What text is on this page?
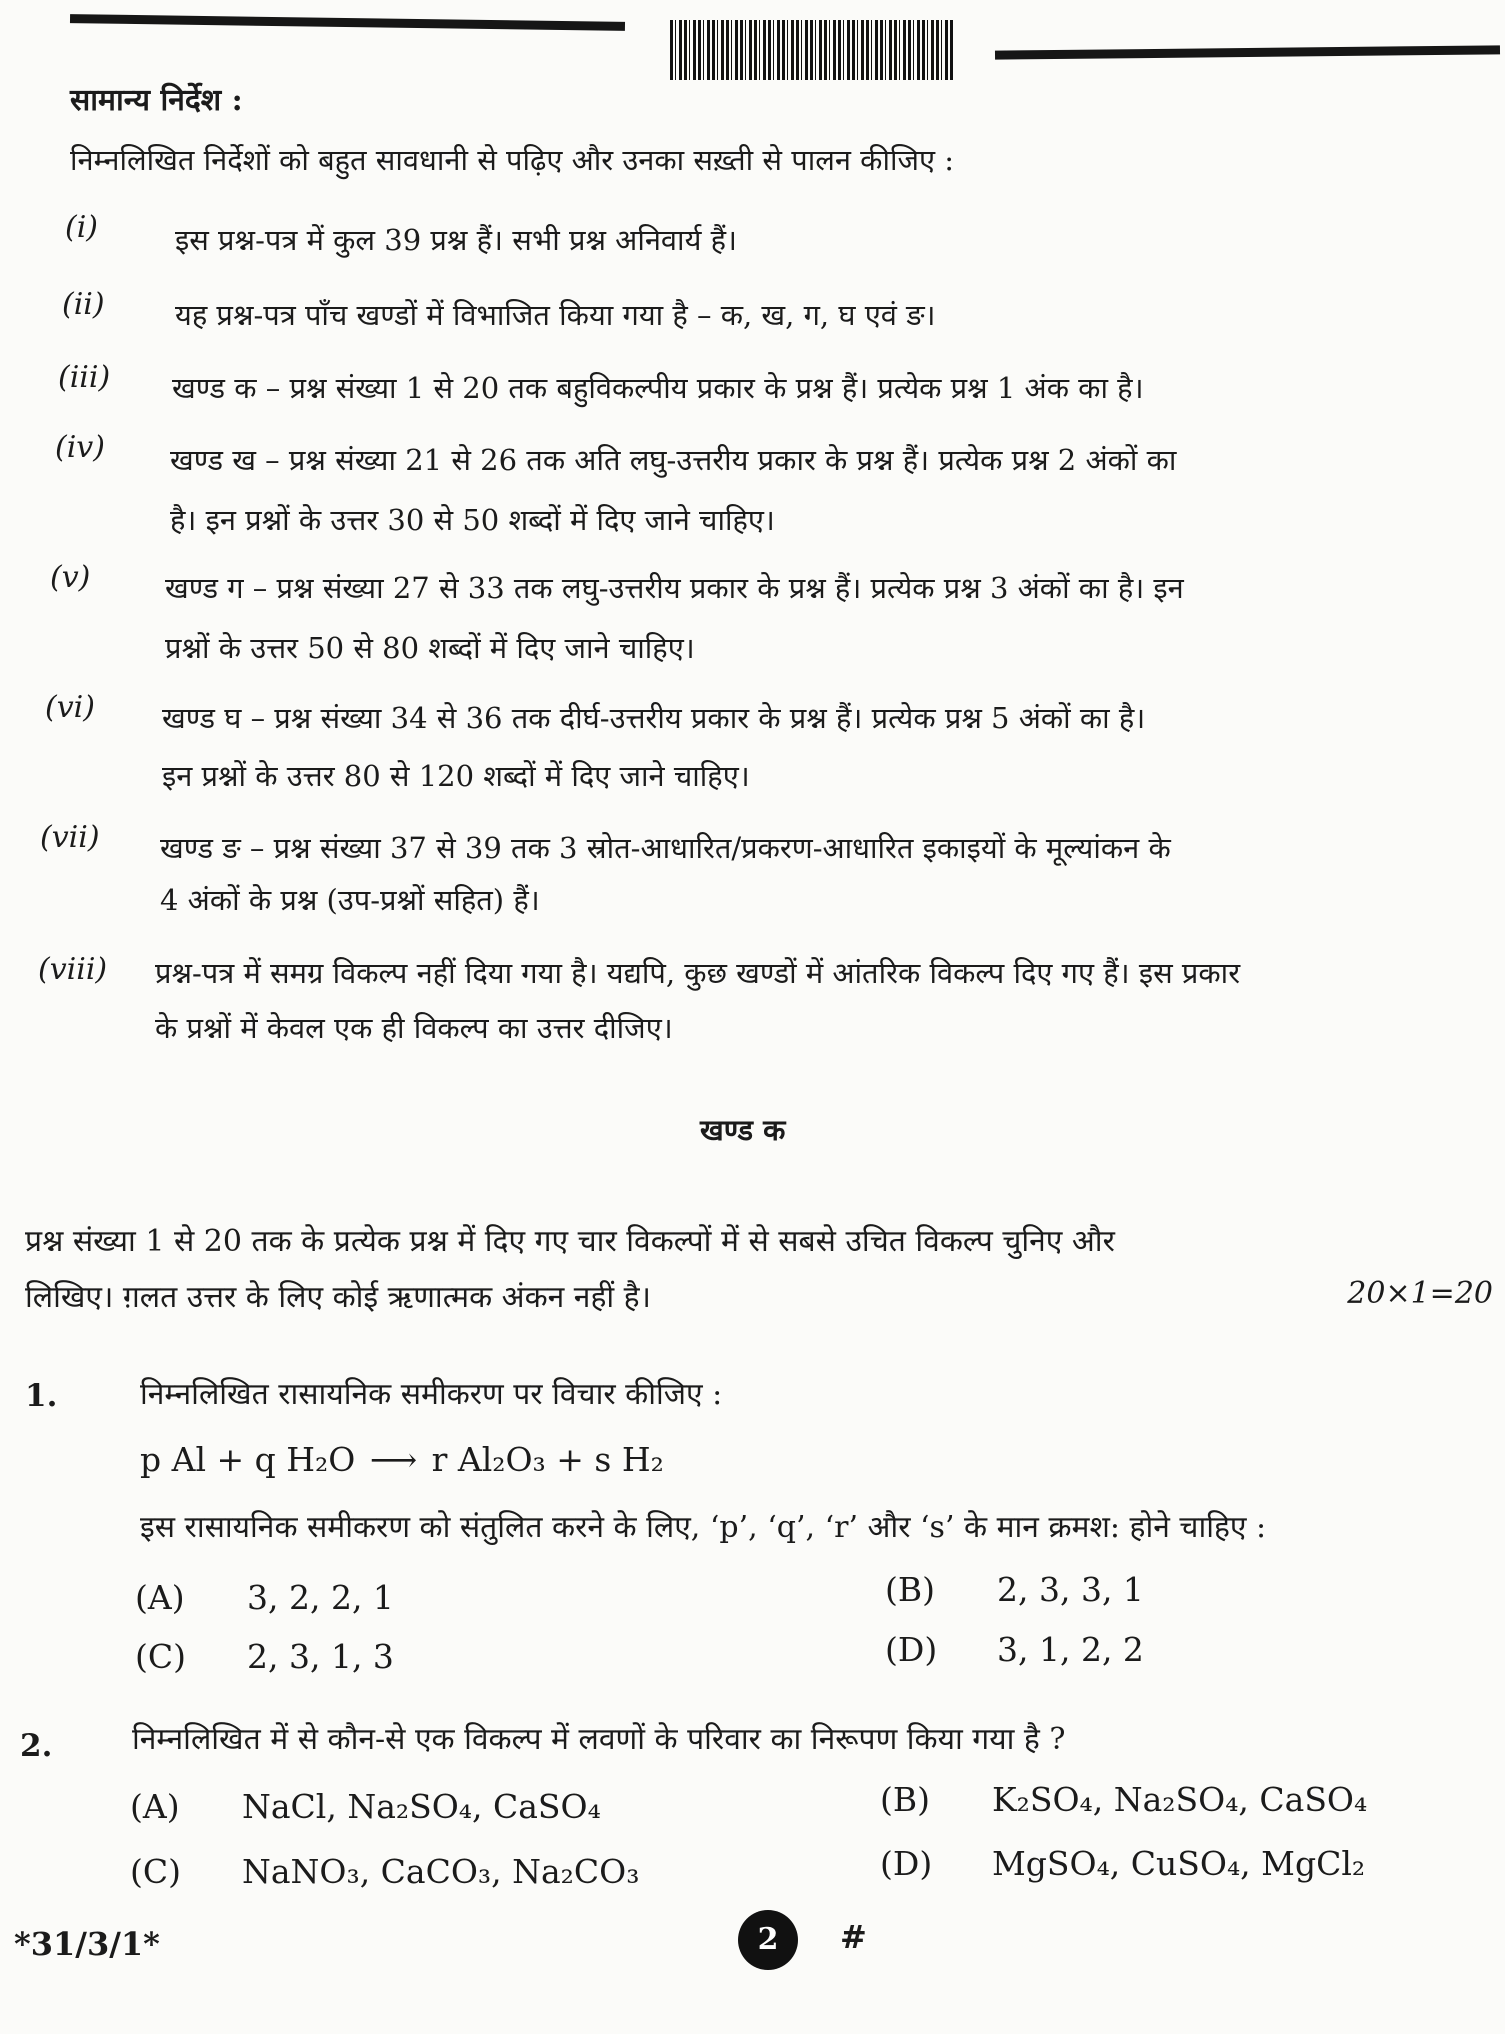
सामान्य निर्देश :
निम्नलिखित निर्देशों को बहुत सावधानी से पढ़िए और उनका सख़्ती से पालन कीजिए :
(i)	इस प्रश्न-पत्र में कुल 39 प्रश्न हैं। सभी प्रश्न अनिवार्य हैं।
(ii) यह प्रश्न-पत्र पाँच खण्डों में विभाजित किया गया है – क, ख, ग, घ एवं ङ।
(iii) खण्ड क – प्रश्न संख्या 1 से 20 तक बहुविकल्पीय प्रकार के प्रश्न हैं। प्रत्येक प्रश्न 1 अंक का है।
(iv) खण्ड ख – प्रश्न संख्या 21 से 26 तक अति लघु-उत्तरीय प्रकार के प्रश्न हैं। प्रत्येक प्रश्न 2 अंकों का
है। इन प्रश्नों के उत्तर 30 से 50 शब्दों में दिए जाने चाहिए।
(v)	खण्ड ग – प्रश्न संख्या 27 से 33 तक लघु-उत्तरीय प्रकार के प्रश्न हैं। प्रत्येक प्रश्न 3 अंकों का है। इन
प्रश्नों के उत्तर 50 से 80 शब्दों में दिए जाने चाहिए।
(vi) खण्ड घ – प्रश्न संख्या 34 से 36 तक दीर्घ-उत्तरीय प्रकार के प्रश्न हैं। प्रत्येक प्रश्न 5 अंकों का है।
इन प्रश्नों के उत्तर 80 से 120 शब्दों में दिए जाने चाहिए।
(vii) खण्ड ङ – प्रश्न संख्या 37 से 39 तक 3 स्रोत-आधारित/प्रकरण-आधारित इकाइयों के मूल्यांकन के
4 अंकों के प्रश्न (उप-प्रश्नों सहित) हैं।
(viii) प्रश्न-पत्र में समग्र विकल्प नहीं दिया गया है। यद्यपि, कुछ खण्डों में आंतरिक विकल्प दिए गए हैं। इस प्रकार
के प्रश्नों में केवल एक ही विकल्प का उत्तर दीजिए।
खण्ड क
प्रश्न संख्या 1 से 20 तक के प्रत्येक प्रश्न में दिए गए चार विकल्पों में से सबसे उचित विकल्प चुनिए और
लिखिए। ग़लत उत्तर के लिए कोई ऋणात्मक अंकन नहीं है।	20×1=20
1.	निम्नलिखित रासायनिक समीकरण पर विचार कीजिए :
p Al + q H₂O ⟶ r Al₂O₃ + s H₂
इस रासायनिक समीकरण को संतुलित करने के लिए, ‘p’, ‘q’, ‘r’ और ‘s’ के मान क्रमश: होने चाहिए :
(A) 3, 2, 2, 1	(B) 2, 3, 3, 1
(C) 2, 3, 1, 3	(D) 3, 1, 2, 2
2.	निम्नलिखित में से कौन-से एक विकल्प में लवणों के परिवार का निरूपण किया गया है ?
(A) NaCl, Na₂SO₄, CaSO₄	(B) K₂SO₄, Na₂SO₄, CaSO₄
(C) NaNO₃, CaCO₃, Na₂CO₃	(D) MgSO₄, CuSO₄, MgCl₂
*31/3/1*	2	#
